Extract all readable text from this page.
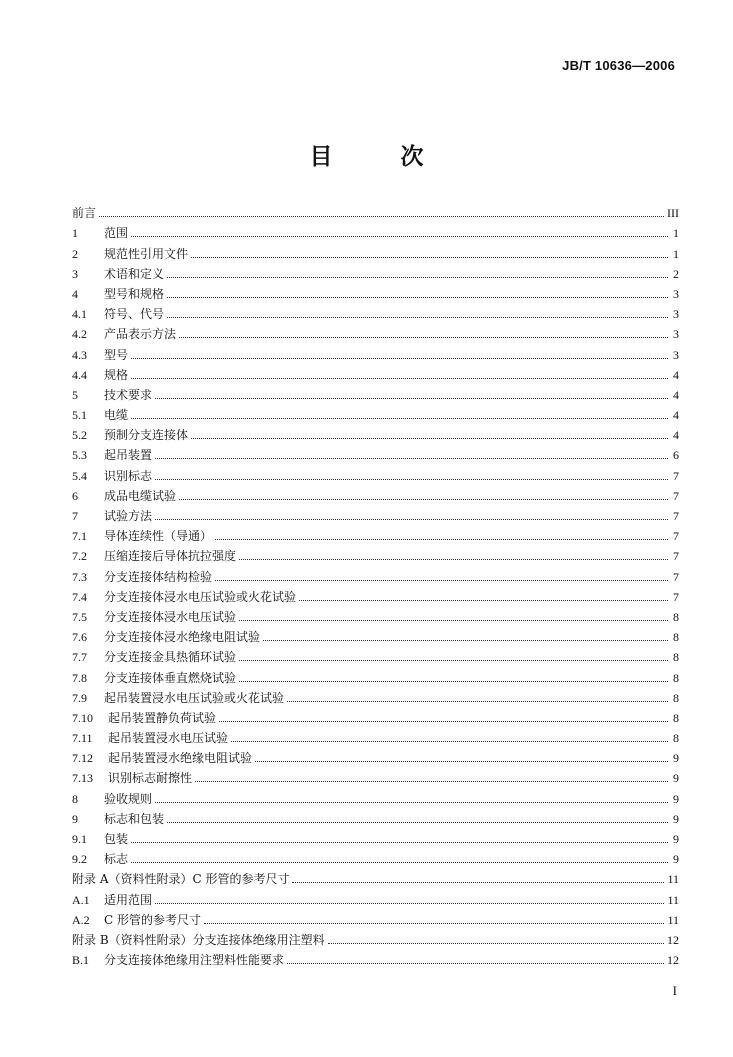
JB/T 10636—2006
目 次
前言	III
1	范围	1
2	规范性引用文件	1
3	术语和定义	2
4	型号和规格	3
4.1	符号、代号	3
4.2	产品表示方法	3
4.3	型号	3
4.4	规格	4
5	技术要求	4
5.1	电缆	4
5.2	预制分支连接体	4
5.3	起吊装置	6
5.4	识别标志	7
6	成品电缆试验	7
7	试验方法	7
7.1	导体连续性（导通）	7
7.2	压缩连接后导体抗拉强度	7
7.3	分支连接体结构检验	7
7.4	分支连接体浸水电压试验或火花试验	7
7.5	分支连接体浸水电压试验	8
7.6	分支连接体浸水绝缘电阻试验	8
7.7	分支连接金具热循环试验	8
7.8	分支连接体垂直燃烧试验	8
7.9	起吊装置浸水电压试验或火花试验	8
7.10	起吊装置静负荷试验	8
7.11	起吊装置浸水电压试验	8
7.12	起吊装置浸水绝缘电阻试验	9
7.13	识别标志耐擦性	9
8	验收规则	9
9	标志和包装	9
9.1	包装	9
9.2	标志	9
附录 A（资料性附录）C 形管的参考尺寸	11
A.1	适用范围	11
A.2	C 形管的参考尺寸	11
附录 B（资料性附录）分支连接体绝缘用注塑料	12
B.1	分支连接体绝缘用注塑料性能要求	12
I
